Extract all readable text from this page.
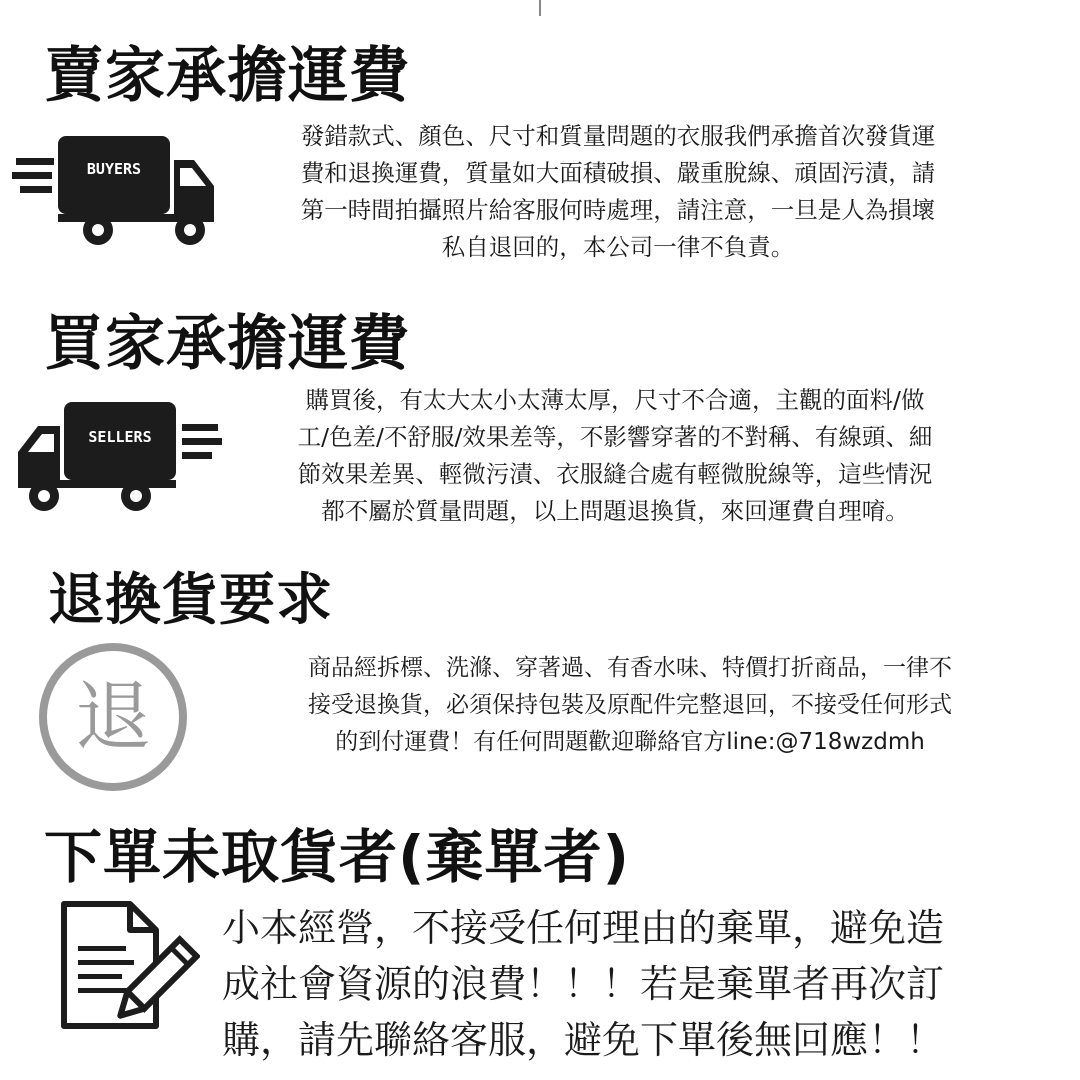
賣家承擔運費
BUYERS

發錯款式、顏色、尺寸和質量問題的衣服我們承擔首次發貨運
費和退換運費，質量如大面積破損、嚴重脫線、頑固污漬，請
第一時間拍攝照片給客服何時處理，請注意，一旦是人為損壞
私自退回的，本公司一律不負責。

買家承擔運費
SELLERS

購買後，有太大太小太薄太厚，尺寸不合適，主觀的面料/做
工/色差/不舒服/效果差等，不影響穿著的不對稱、有線頭、細
節效果差異、輕微污漬、衣服縫合處有輕微脫線等，這些情況
都不屬於質量問題，以上問題退換貨，來回運費自理唷。

退換貨要求
退

商品經拆標、洗滌、穿著過、有香水味、特價打折商品，一律不
接受退換貨，必須保持包裝及原配件完整退回，不接受任何形式
的到付運費！有任何問題歡迎聯絡官方line:@718wzdmh

下單未取貨者(棄單者)

小本經營，不接受任何理由的棄單，避免造
成社會資源的浪費！！！若是棄單者再次訂
購，請先聯絡客服，避免下單後無回應！！
